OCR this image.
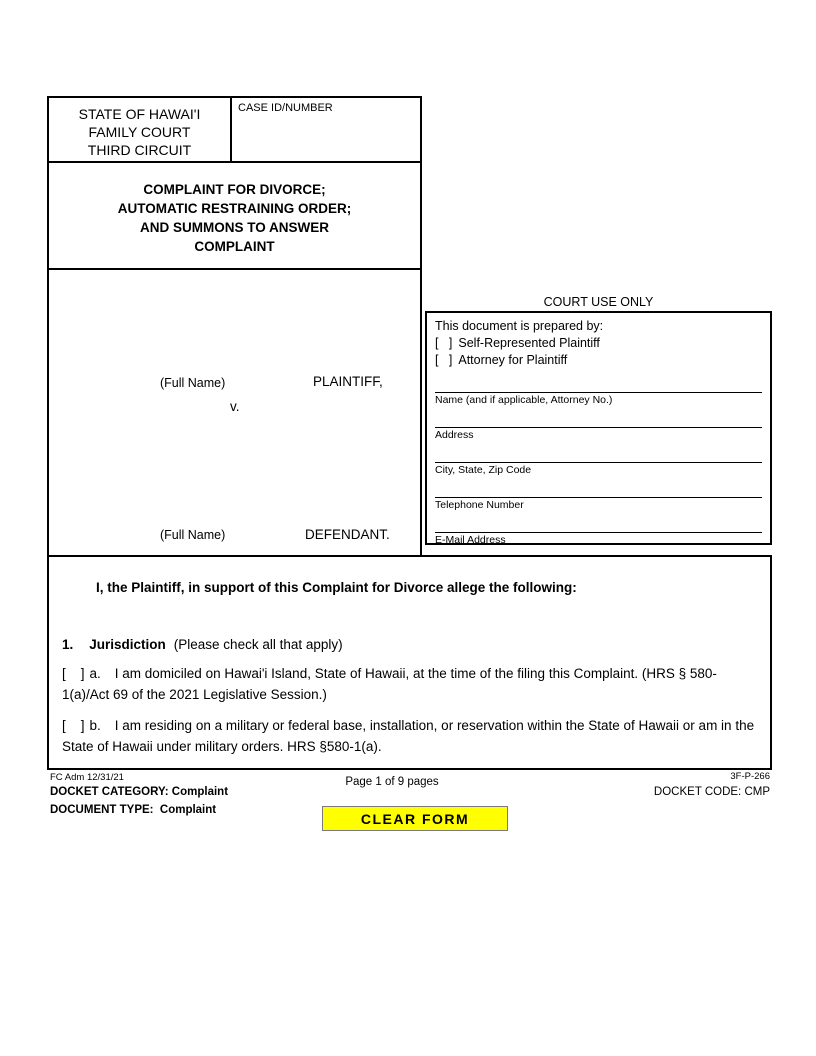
STATE OF HAWAI'I
FAMILY COURT
THIRD CIRCUIT
CASE ID/NUMBER
COMPLAINT FOR DIVORCE;
AUTOMATIC RESTRAINING ORDER;
AND SUMMONS TO ANSWER
COMPLAINT
(Full Name)	PLAINTIFF,
v.
(Full Name)	DEFENDANT.
COURT USE ONLY
This document is prepared by:
[   ] Self-Represented Plaintiff
[   ] Attorney for Plaintiff
Name (and if applicable, Attorney No.)
Address
City, State, Zip Code
Telephone Number
E-Mail Address

I, the Plaintiff, in support of this Complaint for Divorce allege the following:

1. Jurisdiction (Please check all that apply)

[    ] a. I am domiciled on Hawai'i Island, State of Hawaii, at the time of the filing this Complaint. (HRS § 580-1(a)/Act 69 of the 2021 Legislative Session.)

[    ] b. I am residing on a military or federal base, installation, or reservation within the State of Hawaii or am in the State of Hawaii under military orders. HRS §580-1(a).

FC Adm 12/31/21	Page 1 of 9 pages	3F-P-266
DOCKET CATEGORY: Complaint	DOCKET CODE: CMP
DOCUMENT TYPE:  Complaint
CLEAR FORM
